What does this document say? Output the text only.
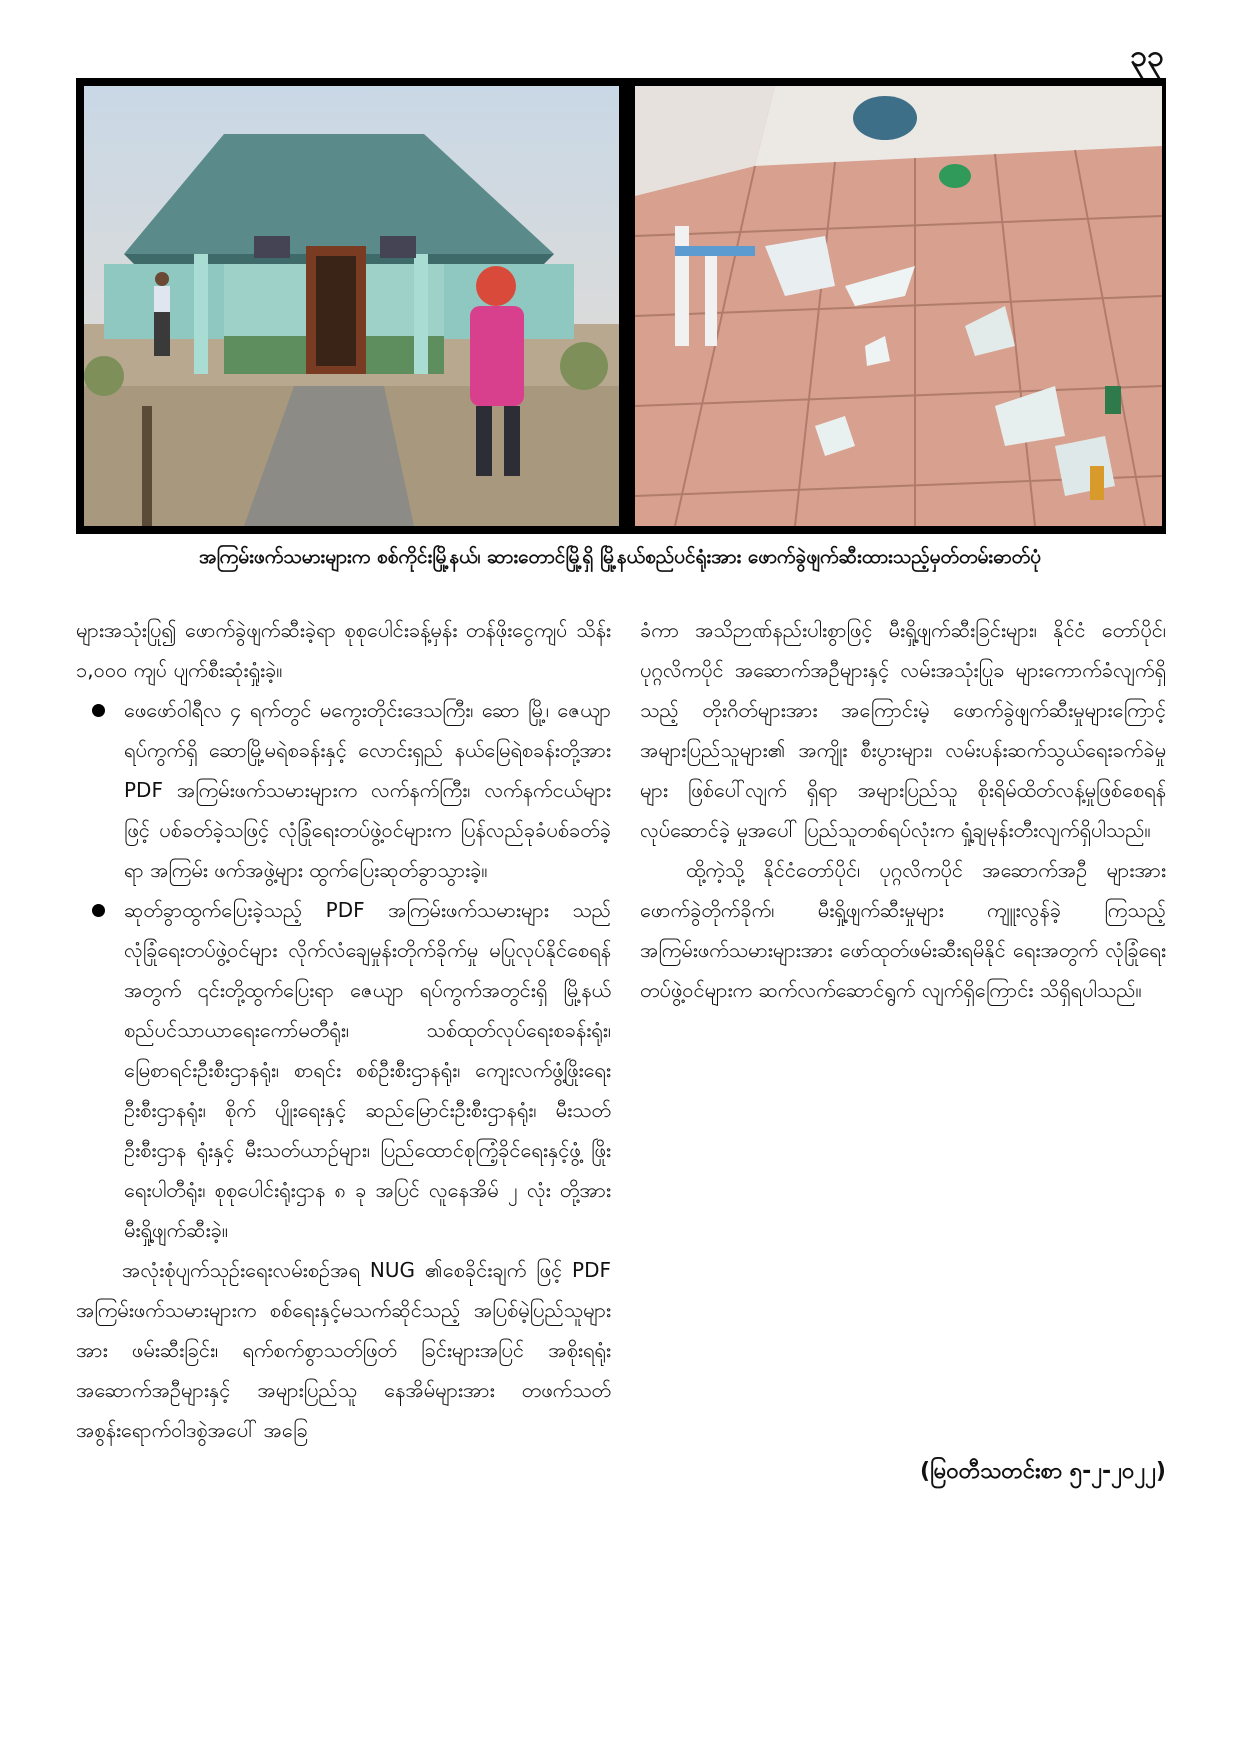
၃၃
အကြမ်းဖက်သမားများက စစ်ကိုင်းမြို့နယ်၊ ဆားတောင်မြို့ရှိ မြို့နယ်စည်ပင်ရုံးအား ဖောက်ခွဲဖျက်ဆီးထားသည့်မှတ်တမ်းဓာတ်ပုံ

များအသုံးပြု၍ ဖောက်ခွဲဖျက်ဆီးခဲ့ရာ စုစုပေါင်းခန့်မှန်း တန်ဖိုးငွေကျပ် သိန်း ၁,၀၀၀ ကျပ် ပျက်စီးဆုံးရှုံးခဲ့။

ဖေဖော်ဝါရီလ ၄ ရက်တွင် မကွေးတိုင်းဒေသကြီး၊ ဆော မြို့၊ ဇေယျာရပ်ကွက်ရှိ ဆောမြို့မရဲစခန်းနှင့် လောင်းရှည် နယ်မြေရဲစခန်းတို့အား PDF အကြမ်းဖက်သမားများက လက်နက်ကြီး၊ လက်နက်ငယ်များဖြင့် ပစ်ခတ်ခဲ့သဖြင့် လုံခြုံရေးတပ်ဖွဲ့ဝင်များက ပြန်လည်ခုခံပစ်ခတ်ခဲ့ရာ အကြမ်း ဖက်အဖွဲ့များ ထွက်ပြေးဆုတ်ခွာသွားခဲ့။
ဆုတ်ခွာထွက်ပြေးခဲ့သည့် PDF အကြမ်းဖက်သမားများ သည် လုံခြုံရေးတပ်ဖွဲ့ဝင်များ လိုက်လံချေမှုန်းတိုက်ခိုက်မှု မပြုလုပ်နိုင်စေရန်အတွက် ၎င်းတို့ထွက်ပြေးရာ ဇေယျာ ရပ်ကွက်အတွင်းရှိ မြို့နယ်စည်ပင်သာယာရေးကော်မတီရုံး၊ သစ်ထုတ်လုပ်ရေးစခန်းရုံး၊ မြေစာရင်းဦးစီးဌာနရုံး၊ စာရင်း စစ်ဦးစီးဌာနရုံး၊ ကျေးလက်ဖွံ့ဖြိုးရေးဦးစီးဌာနရုံး၊ စိုက် ပျိုးရေးနှင့် ဆည်မြောင်းဦးစီးဌာနရုံး၊ မီးသတ်ဦးစီးဌာန ရုံးနှင့် မီးသတ်ယာဉ်များ၊ ပြည်ထောင်စုကြံ့ခိုင်ရေးနှင့်ဖွံ့ ဖြိုးရေးပါတီရုံး၊ စုစုပေါင်းရုံးဌာန ၈ ခု အပြင် လူနေအိမ် ၂ လုံး တို့အား မီးရှို့ဖျက်ဆီးခဲ့။

အလုံးစုံပျက်သုဉ်းရေးလမ်းစဉ်အရ NUG ၏စေခိုင်းချက် ဖြင့် PDF အကြမ်းဖက်သမားများက စစ်ရေးနှင့်မသက်ဆိုင်သည့် အပြစ်မဲ့ပြည်သူများအား ဖမ်းဆီးခြင်း၊ ရက်စက်စွာသတ်ဖြတ် ခြင်းများအပြင် အစိုးရရုံးအဆောက်အဦများနှင့် အများပြည်သူ နေအိမ်များအား တဖက်သတ်အစွန်းရောက်ဝါဒစွဲအပေါ် အခြေ

ခံကာ အသိဉာဏ်နည်းပါးစွာဖြင့် မီးရှို့ဖျက်ဆီးခြင်းများ၊ နိုင်ငံ တော်ပိုင်၊ ပုဂ္ဂလိကပိုင် အဆောက်အဦများနှင့် လမ်းအသုံးပြုခ များကောက်ခံလျက်ရှိသည့် တိုးဂိတ်များအား အကြောင်းမဲ့ ဖောက်ခွဲဖျက်ဆီးမှုများကြောင့် အများပြည်သူများ၏ အကျိုး စီးပွားများ၊ လမ်းပန်းဆက်သွယ်ရေးခက်ခဲမှုများ ဖြစ်ပေါ်လျက် ရှိရာ အများပြည်သူ စိုးရိမ်ထိတ်လန့်မှုဖြစ်စေရန် လုပ်ဆောင်ခဲ့ မှုအပေါ် ပြည်သူတစ်ရပ်လုံးက ရှုံ့ချမုန်းတီးလျက်ရှိပါသည်။

ထို့ကဲ့သို့ နိုင်ငံတော်ပိုင်၊ ပုဂ္ဂလိကပိုင် အဆောက်အဦ များအား ဖောက်ခွဲတိုက်ခိုက်၊ မီးရှို့ဖျက်ဆီးမှုများ ကျူးလွန်ခဲ့ ကြသည့် အကြမ်းဖက်သမားများအား ဖော်ထုတ်ဖမ်းဆီးရမိနိုင် ရေးအတွက် လုံခြုံရေးတပ်ဖွဲ့ဝင်များက ဆက်လက်ဆောင်ရွက် လျက်ရှိကြောင်း သိရှိရပါသည်။

(မြဝတီသတင်းစာ ၅-၂-၂၀၂၂)
